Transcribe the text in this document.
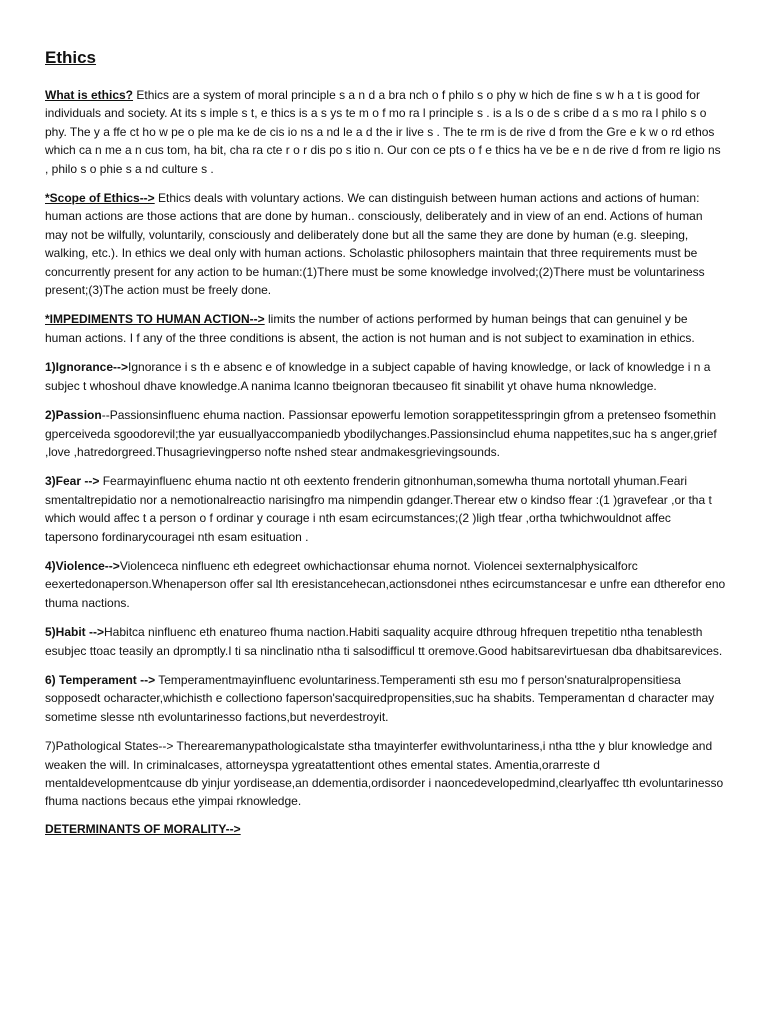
Ethics

What is ethics? Ethics are a system of moral principle s a n d a bra nch o f philo s o phy w hich de fine s w h a t is good for individuals and society. At its s imple s t, e thics is a s ys te m o f mo ra l principle s . is a ls o de s cribe d a s mo ra l philo s o phy. The y a ffe ct ho w pe o ple ma ke de cis io ns a nd le a d the ir live s . The te rm is de rive d from the Gre e k w o rd ethos which ca n me a n cus tom, ha bit, cha ra cte r o r dis po s itio n. Our con ce pts o f e thics ha ve be e n de rive d from re ligio ns , philo s o phie s a nd culture s .

*Scope of Ethics--> Ethics deals with voluntary actions. We can distinguish between human actions and actions of human: human actions are those actions that are done by human.. consciously, deliberately and in view of an end. Actions of human may not be wilfully, voluntarily, consciously and deliberately done but all the same they are done by human (e.g. sleeping, walking, etc.). In ethics we deal only with human actions. Scholastic philosophers maintain that three requirements must be concurrently present for any action to be human:(1)There must be some knowledge involved;(2)There must be voluntariness present;(3)The action must be freely done.

*IMPEDIMENTS TO HUMAN ACTION--> limits the number of actions performed by human beings that can genuinel y be human actions. I f any of the three conditions is absent, the action is not human and is not subject to examination in ethics.

1)Ignorance-->Ignorance i s th e absenc e of knowledge in a subject capable of having knowledge, or lack of knowledge i n a subjec t whoshoul dhave knowledge.A nanima lcanno tbeignoran tbecauseo fit sinabilit yt ohave huma nknowledge.

2)Passion--Passionsinfluenc ehuma naction. Passionsar epowerfu lemotion sorappetitesspringin gfrom a pretenseo fsomethin gperceiveda sgoodorevil;the yar eusuallyaccompaniedb ybodilychanges.Passionsinclud ehuma nappetites,suc ha s anger,grief ,love ,hatredorgreed.Thusagrievingperso nofte nshed stear andmakesgrievingsounds.

3)Fear --> Fearmayinfluenc ehuma nactio nt oth eextento frenderin gitnonhuman,somewha thuma nortotall yhuman.Feari smentaltrepidatio nor a nemotionalreactio narisingfro ma nimpendin gdanger.Therear etw o kindso ffear :(1 )gravefear ,or tha t which would affec t a person o f ordinar y courage i nth esam ecircumstances;(2 )ligh tfear ,ortha twhichwouldnot affec tapersono fordinarycouragei nth esam esituation .

4)Violence-->Violenceca ninfluenc eth edegreet owhichactionsar ehuma nornot. Violencei sexternalphysicalforc eexertedonaperson.Whenaperson offer sal lth eresistancehecan,actionsdonei nthes ecircumstancesar e unfre ean dtherefor eno thuma nactions.

5)Habit -->Habitca ninfluenc eth enatureo fhuma naction.Habiti saquality acquire dthroug hfrequen trepetitio ntha tenablesth esubjec ttoac teasily an dpromptly.I ti sa ninclinatio ntha ti salsodifficul tt oremove.Good habitsarevirtuesan dba dhabitsarevices.

6) Temperament --> Temperamentmayinfluenc evoluntariness.Temperamenti sth esu mo f person'snaturalpropensitiesa sopposedt ocharacter,whichisth e collectiono faperson'sacquiredpropensities,suc ha shabits. Temperamentan d character may sometime slesse nth evoluntarinesso factions,but neverdestroyit.

7)Pathological States--> Therearemanypathologicalstate stha tmayinterfer ewithvoluntariness,i ntha tthe y blur knowledge and weaken the will. In criminalcases, attorneyspa ygreatattentiont othes emental states. Amentia,orarreste d mentaldevelopmentcause db yinjur yordisease,an ddementia,ordisorder i naoncedevelopedmind,clearlyaffec tth evoluntarinesso fhuma nactions becaus ethe yimpai rknowledge.

DETERMINANTS OF MORALITY-->
